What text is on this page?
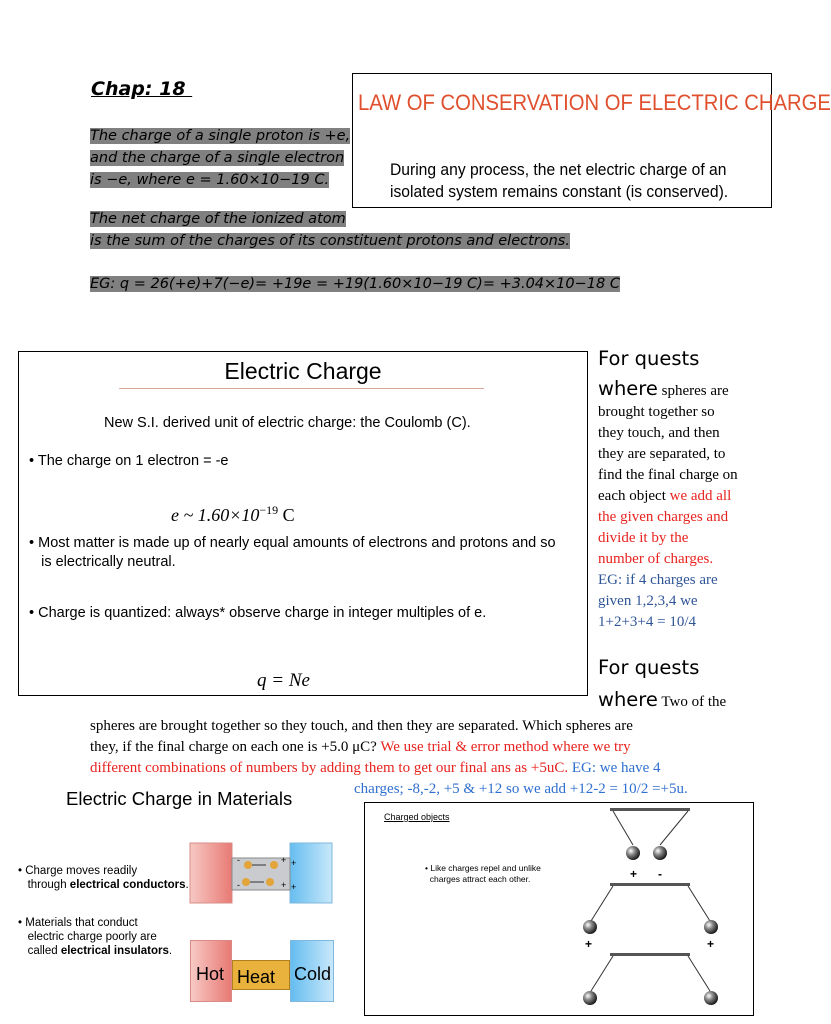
Chap: 18
The charge of a single proton is +e,
and the charge of a single electron
is −e, where e = 1.60×10−19 C.
The net charge of the ionized atom
is the sum of the charges of its constituent protons and electrons.
EG: q = 26(+e)+7(−e)= +19e = +19(1.60×10−19 C)= +3.04×10−18 C
LAW OF CONSERVATION OF ELECTRIC CHARGE
During any process, the net electric charge of an
isolated system remains constant (is conserved).
Electric Charge
New S.I. derived unit of electric charge: the Coulomb (C).
• The charge on 1 electron = -e
e ~ $1.60\times 10^{-19}$ C
• Most matter is made up of nearly equal amounts of electrons and protons and so
is electrically neutral.
• Charge is quantized: always* observe charge in integer multiples of e.
q = Ne
For quests
where spheres are
brought together so
they touch, and then
they are separated, to
find the final charge on
each object we add all
the given charges and
divide it by the
number of charges.
EG: if 4 charges are
given 1,2,3,4 we
1+2+3+4 = 10/4
For quests
where Two of the
spheres are brought together so they touch, and then they are separated. Which spheres are
they, if the final charge on each one is +5.0 μC? We use trial & error method where we try
different combinations of numbers by adding them to get our final ans as +5uC. EG: we have 4
charges; -8,-2, +5 & +12 so we add +12-2 = 10/2 =+5u.
Electric Charge in Materials
• Charge moves readily
through electrical conductors.
• Materials that conduct
electric charge poorly are
called electrical insulators.
-
-
+
+
+
+
Hot Heat Cold
Charged objects
• Like charges repel and unlike
charges attract each other.	+ -
+	+
